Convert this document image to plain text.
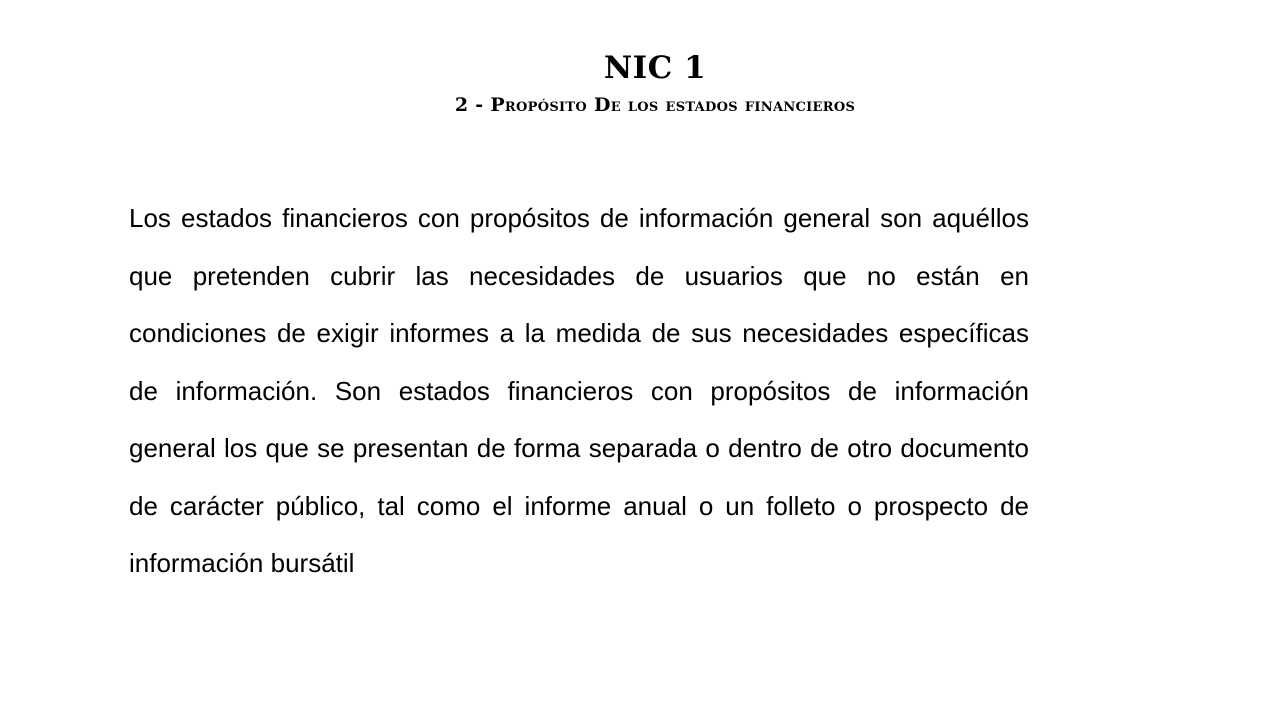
NIC 1
2 - Propósito De los estados financieros

Los estados financieros con propósitos de información general son aquéllos que pretenden cubrir las necesidades de usuarios que no están en condiciones de exigir informes a la medida de sus necesidades específicas de información. Son estados financieros con propósitos de información general los que se presentan de forma separada o dentro de otro documento de carácter público, tal como el informe anual o un folleto o prospecto de información bursátil
